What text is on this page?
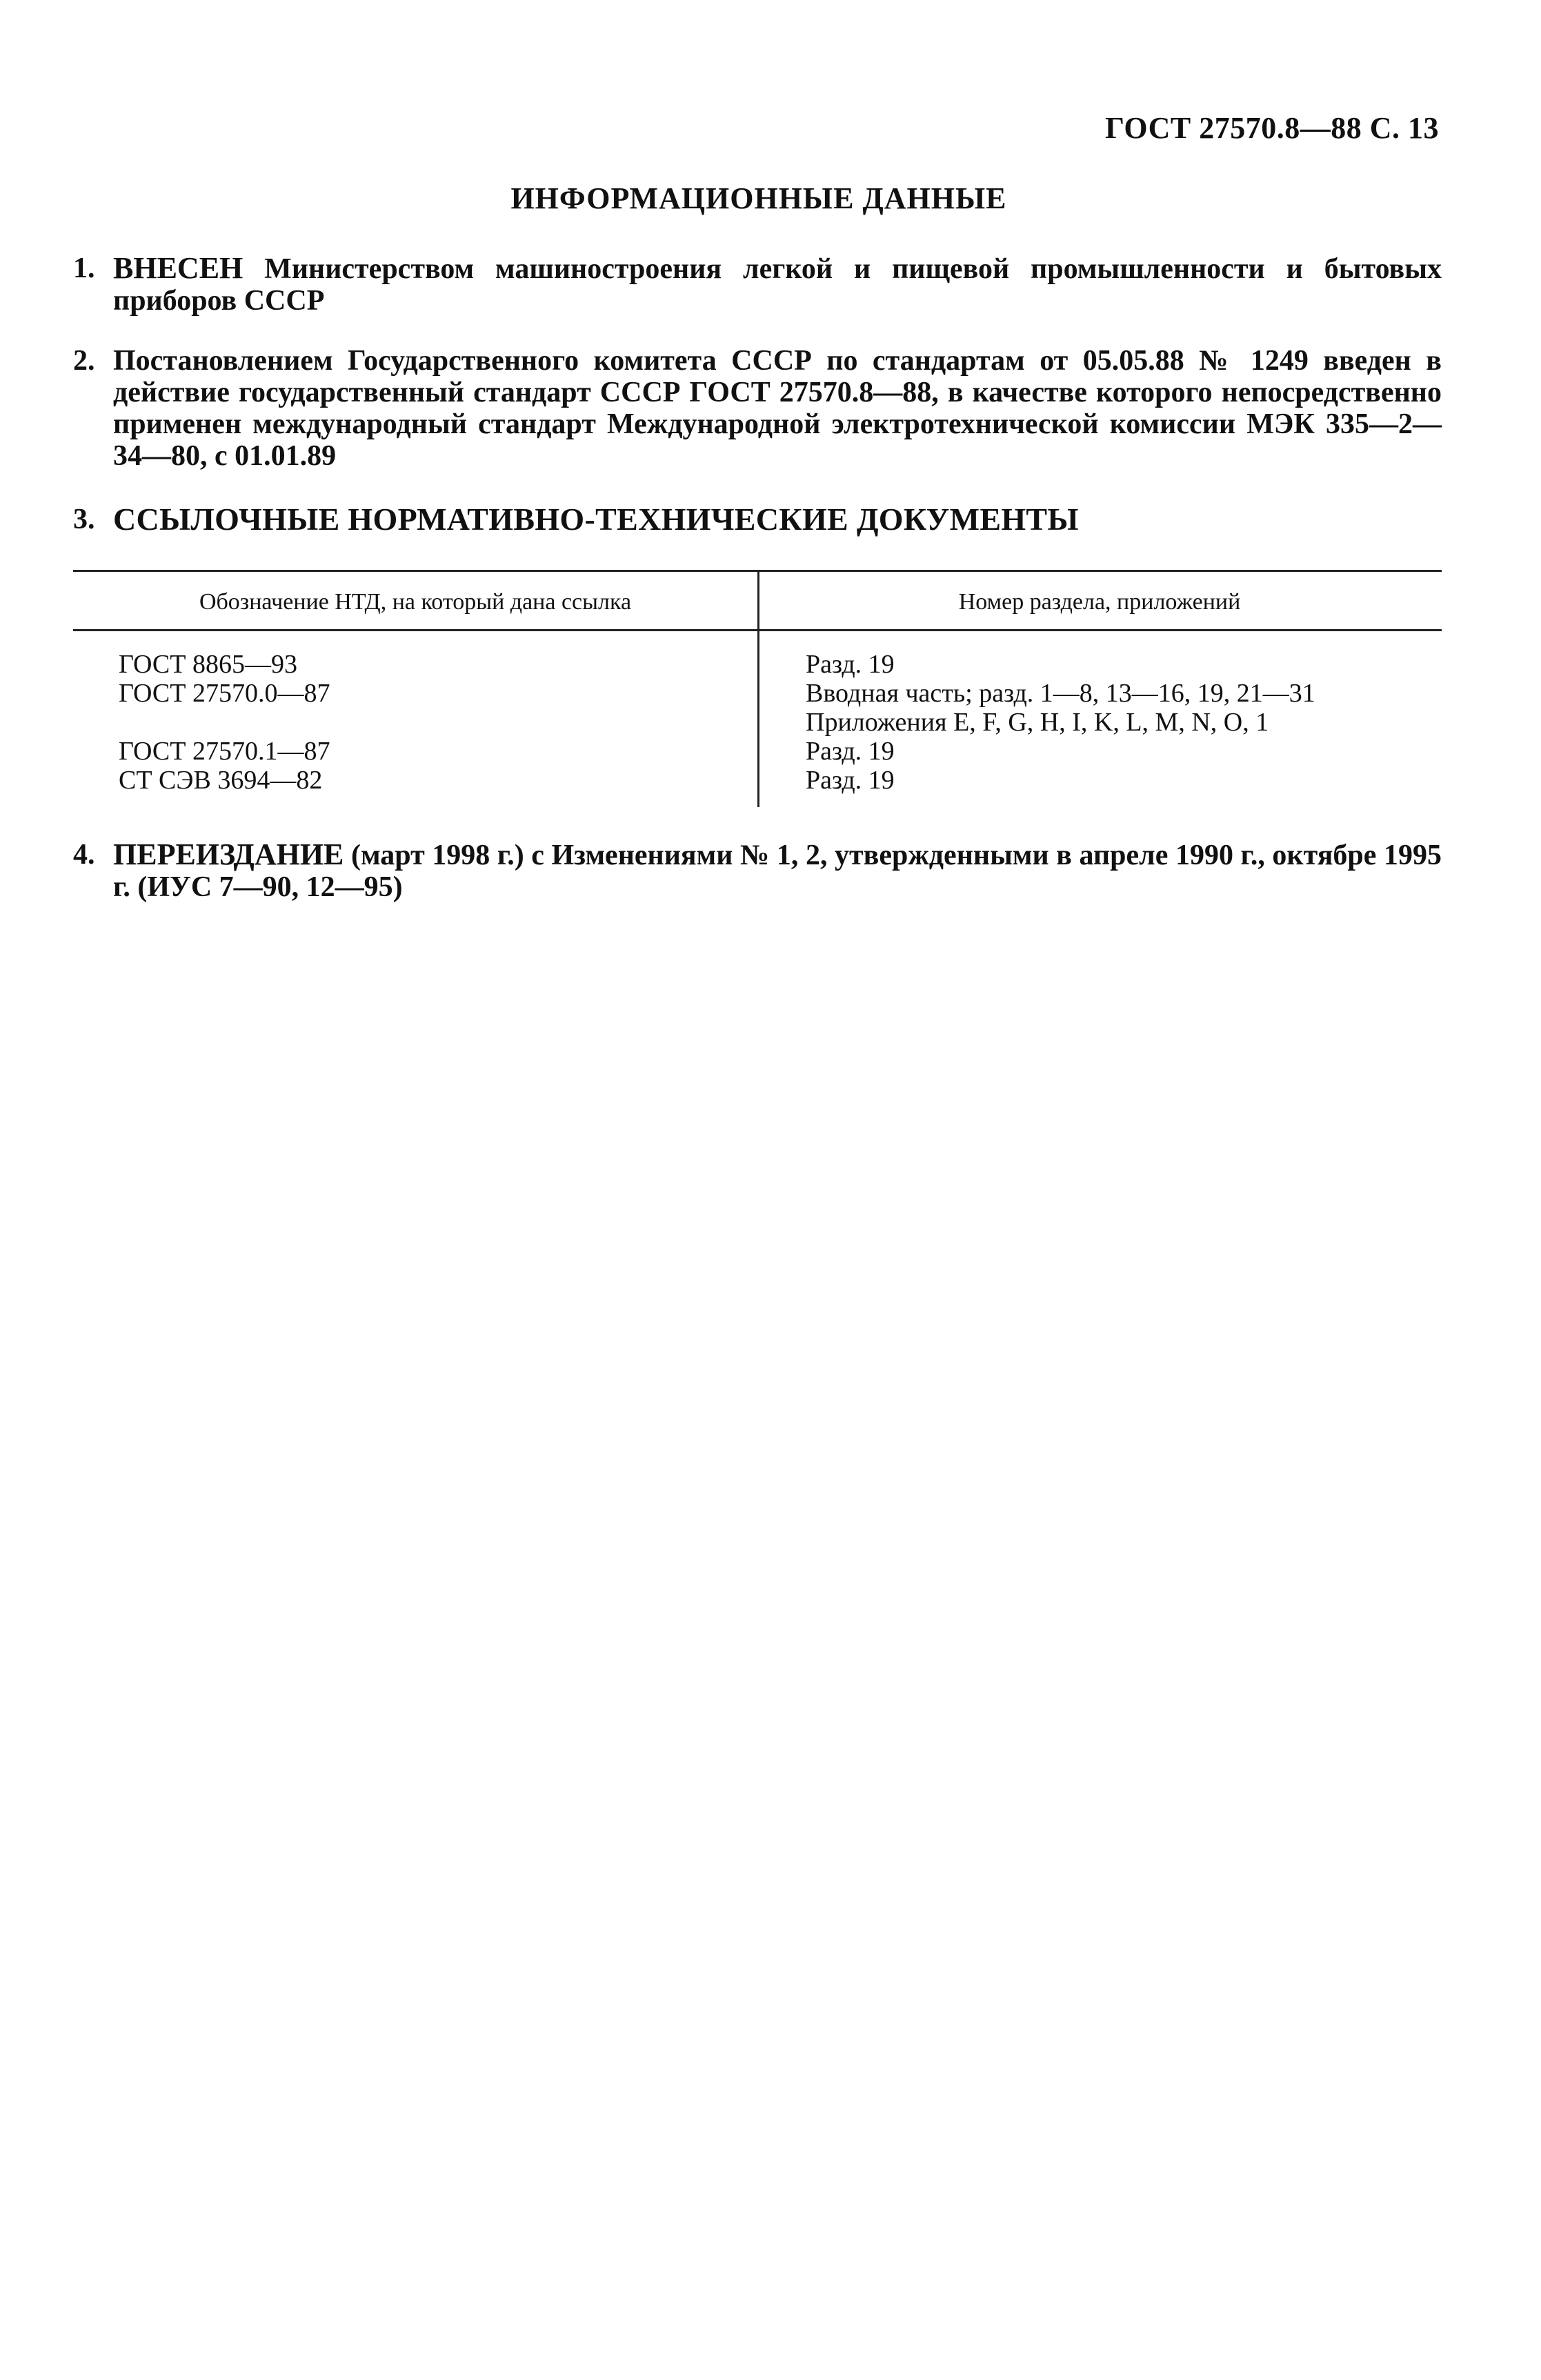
ГОСТ 27570.8—88 С. 13
ИНФОРМАЦИОННЫЕ ДАННЫЕ
1. ВНЕСЕН Министерством машиностроения легкой и пищевой промышленности и бытовых приборов СССР
2. Постановлением Государственного комитета СССР по стандартам от 05.05.88 № 1249 введен в действие государственный стандарт СССР ГОСТ 27570.8—88, в качестве которого непосредственно применен международный стандарт Международной электротехнической комиссии МЭК 335—2—34—80, с 01.01.89
3. ССЫЛОЧНЫЕ НОРМАТИВНО-ТЕХНИЧЕСКИЕ ДОКУМЕНТЫ
Обозначение НТД, на который дана ссылка	Номер раздела, приложений
ГОСТ 8865—93	Разд. 19
ГОСТ 27570.0—87	Вводная часть; разд. 1—8, 13—16, 19, 21—31
Приложения E, F, G, H, I, K, L, M, N, O, 1
ГОСТ 27570.1—87	Разд. 19
СТ СЭВ 3694—82	Разд. 19
4. ПЕРЕИЗДАНИЕ (март 1998 г.) с Изменениями № 1, 2, утвержденными в апреле 1990 г., октябре 1995 г. (ИУС 7—90, 12—95)
